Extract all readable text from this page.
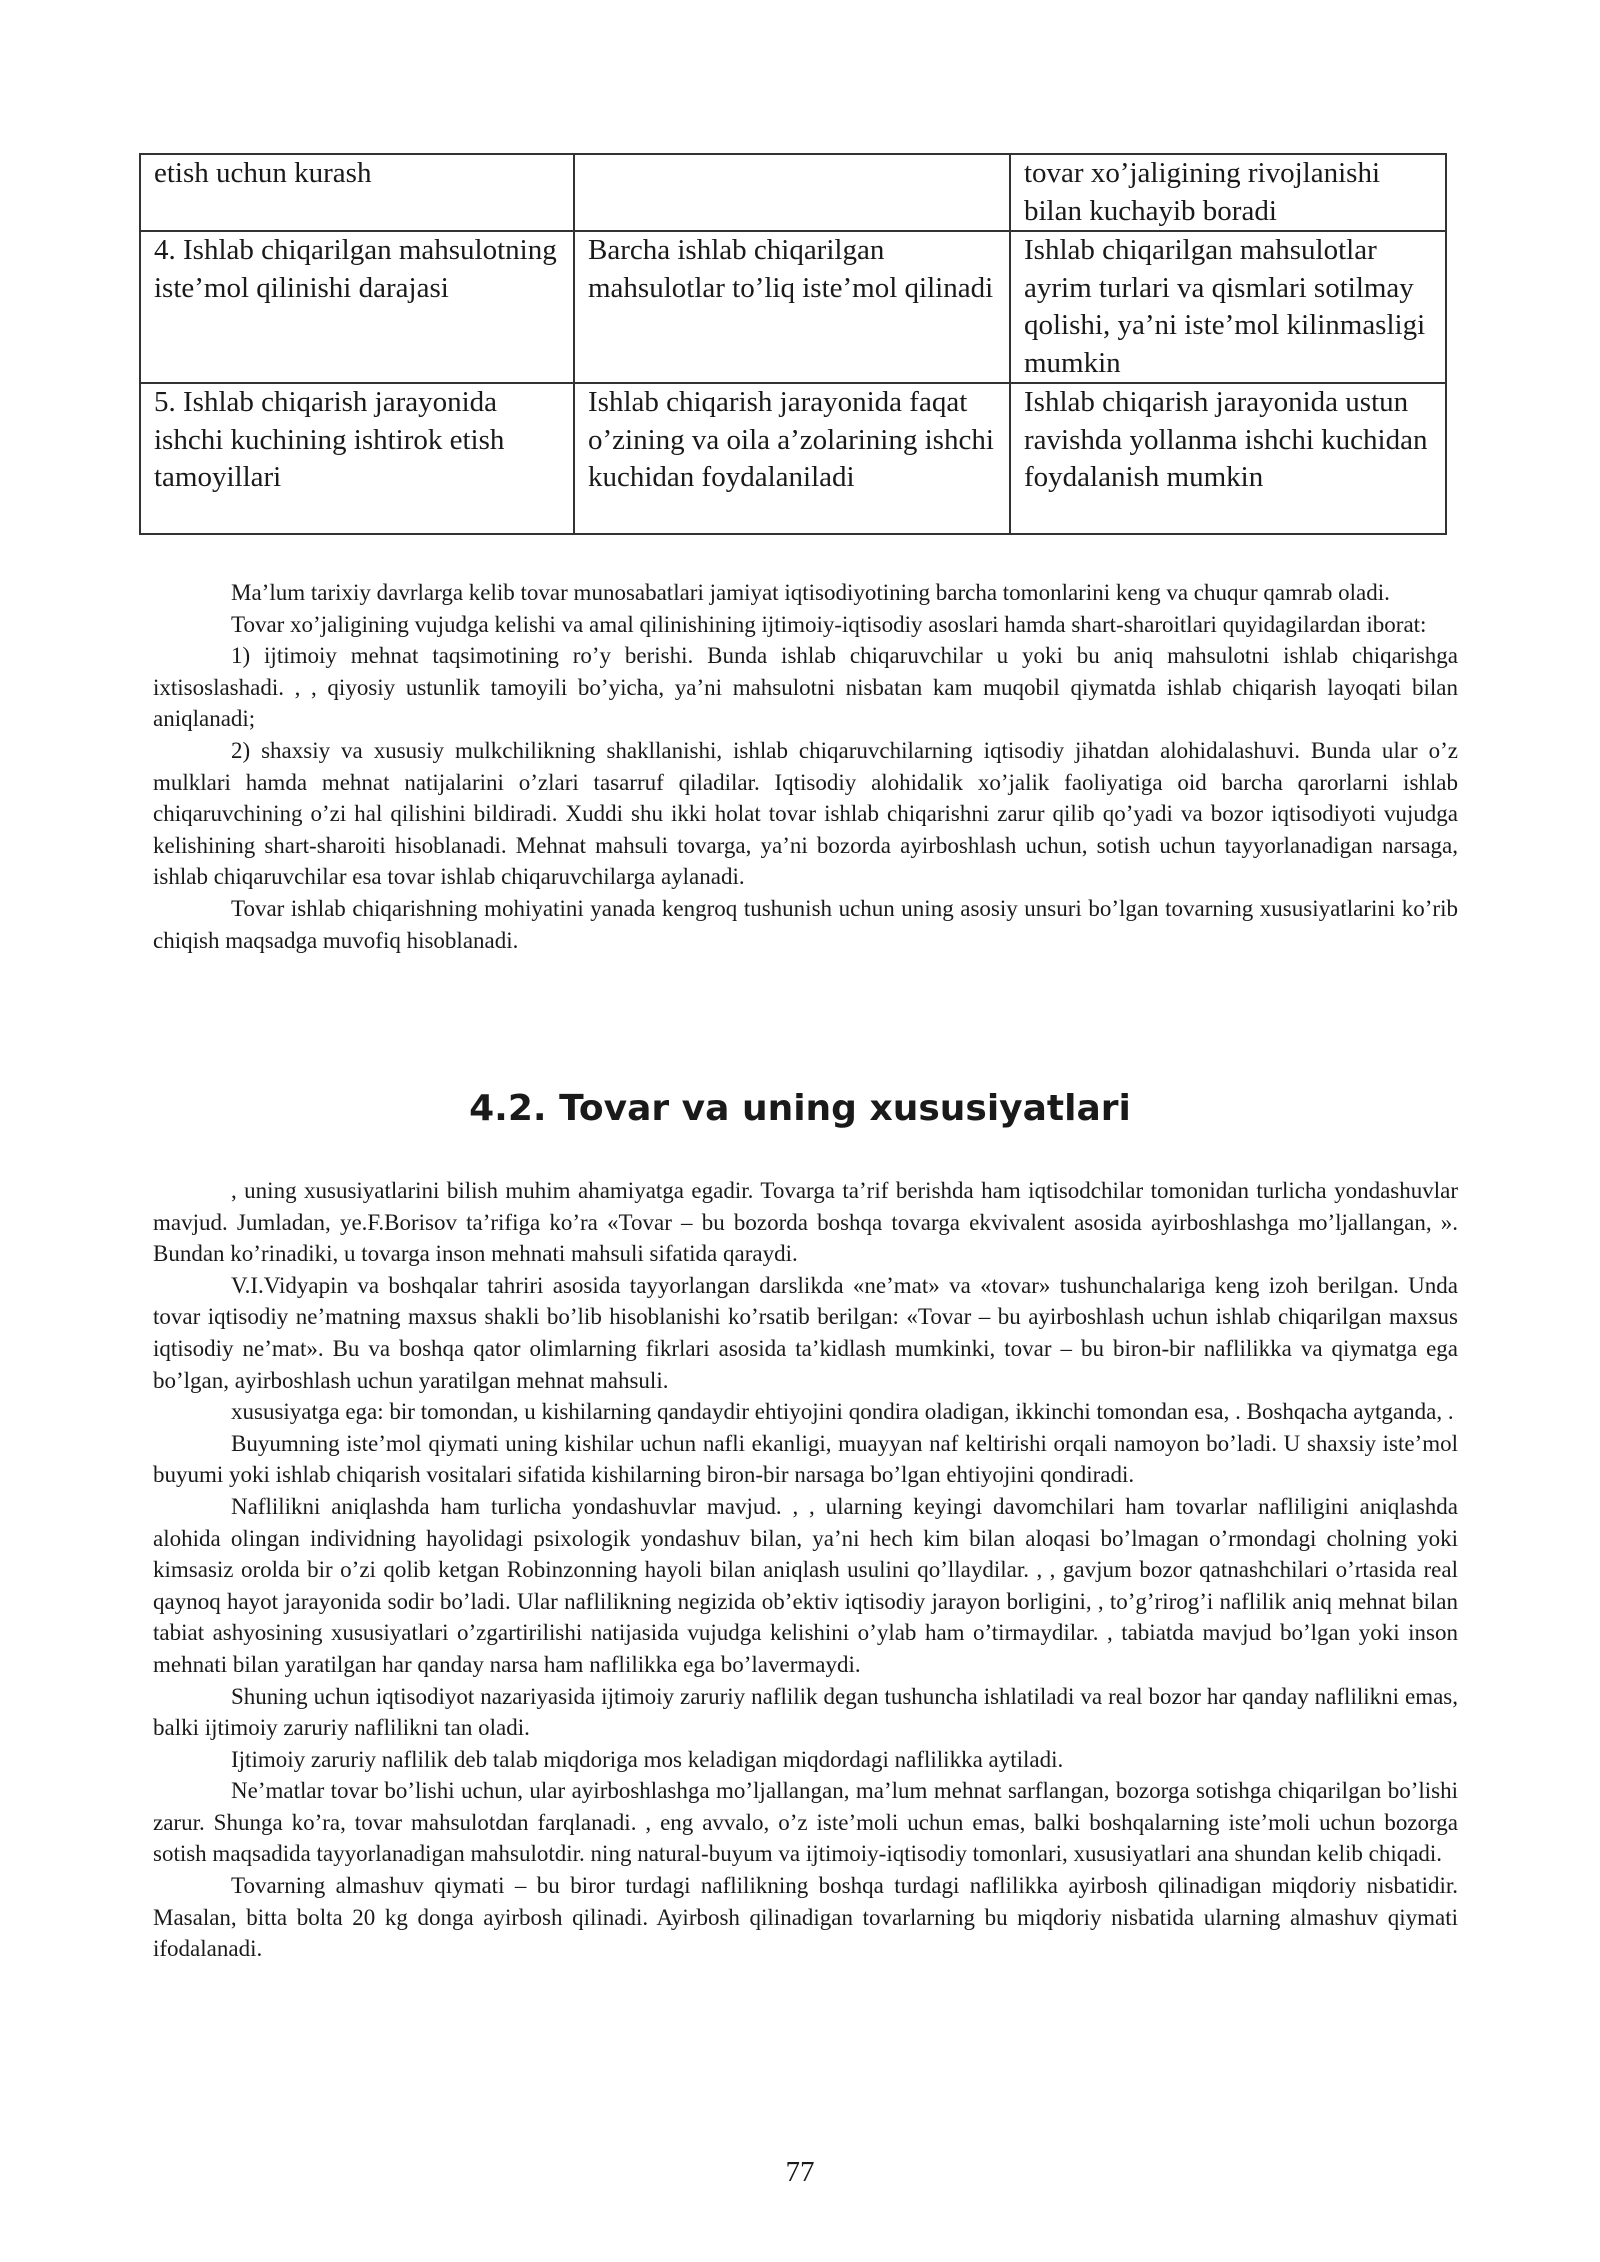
etish uchun kurash		tovar xo’jaligining rivojlanishi bilan kuchayib boradi
4. Ishlab chiqarilgan mahsulotning iste’mol qilinishi darajasi	Barcha ishlab chiqarilgan mahsulotlar to’liq iste’mol qilinadi	Ishlab chiqarilgan mahsulotlar ayrim turlari va qismlari sotilmay qolishi, ya’ni iste’mol kilinmasligi mumkin
5. Ishlab chiqarish jarayonida ishchi kuchining ishtirok etish tamoyillari	Ishlab chiqarish jarayonida faqat o’zining va oila a’zolarining ishchi kuchidan foydalaniladi	Ishlab chiqarish jarayonida ustun ravishda yollanma ishchi kuchidan foydalanish mumkin

Ma’lum tarixiy davrlarga kelib tovar munosabatlari jamiyat iqtisodiyotining barcha tomonlarini keng va chuqur qamrab oladi.

Tovar xo’jaligining vujudga kelishi va amal qilinishining ijtimoiy-iqtisodiy asoslari hamda shart-sharoitlari quyidagilardan iborat:

1) ijtimoiy mehnat taqsimotining ro’y berishi. Bunda ishlab chiqaruvchilar u yoki bu aniq mahsulotni ishlab chiqarishga ixtisoslashadi. , , qiyosiy ustunlik tamoyili bo’yicha, ya’ni mahsulotni nisbatan kam muqobil qiymatda ishlab chiqarish layoqati bilan aniqlanadi;

2) shaxsiy va xususiy mulkchilikning shakllanishi, ishlab chiqaruvchilarning iqtisodiy jihatdan alohidalashuvi. Bunda ular o’z mulklari hamda mehnat natijalarini o’zlari tasarruf qiladilar. Iqtisodiy alohidalik xo’jalik faoliyatiga oid barcha qarorlarni ishlab chiqaruvchining o’zi hal qilishini bildiradi. Xuddi shu ikki holat tovar ishlab chiqarishni zarur qilib qo’yadi va bozor iqtisodiyoti vujudga kelishining shart-sharoiti hisoblanadi. Mehnat mahsuli tovarga, ya’ni bozorda ayirboshlash uchun, sotish uchun tayyorlanadigan narsaga, ishlab chiqaruvchilar esa tovar ishlab chiqaruvchilarga aylanadi.

Tovar ishlab chiqarishning mohiyatini yanada kengroq tushunish uchun uning asosiy unsuri bo’lgan tovarning xususiyatlarini ko’rib chiqish maqsadga muvofiq hisoblanadi.

4.2. Tovar va uning xususiyatlari

, uning xususiyatlarini bilish muhim ahamiyatga egadir. Tovarga ta’rif berishda ham iqtisodchilar tomonidan turlicha yondashuvlar mavjud. Jumladan, ye.F.Borisov ta’rifiga ko’ra «Tovar – bu bozorda boshqa tovarga ekvivalent asosida ayirboshlashga mo’ljallangan, ». Bundan ko’rinadiki, u tovarga inson mehnati mahsuli sifatida qaraydi.

V.I.Vidyapin va boshqalar tahriri asosida tayyorlangan darslikda «ne’mat» va «tovar» tushunchalariga keng izoh berilgan. Unda tovar iqtisodiy ne’matning maxsus shakli bo’lib hisoblanishi ko’rsatib berilgan: «Tovar – bu ayirboshlash uchun ishlab chiqarilgan maxsus iqtisodiy ne’mat». Bu va boshqa qator olimlarning fikrlari asosida ta’kidlash mumkinki, tovar – bu biron-bir naflilikka va qiymatga ega bo’lgan, ayirboshlash uchun yaratilgan mehnat mahsuli.

xususiyatga ega: bir tomondan, u kishilarning qandaydir ehtiyojini qondira oladigan, ikkinchi tomondan esa, . Boshqacha aytganda, .

Buyumning iste’mol qiymati uning kishilar uchun nafli ekanligi, muayyan naf keltirishi orqali namoyon bo’ladi. U shaxsiy iste’mol buyumi yoki ishlab chiqarish vositalari sifatida kishilarning biron-bir narsaga bo’lgan ehtiyojini qondiradi.

Naflilikni aniqlashda ham turlicha yondashuvlar mavjud. , , ularning keyingi davomchilari ham tovarlar nafliligini aniqlashda alohida olingan individning hayolidagi psixologik yondashuv bilan, ya’ni hech kim bilan aloqasi bo’lmagan o’rmondagi cholning yoki kimsasiz orolda bir o’zi qolib ketgan Robinzonning hayoli bilan aniqlash usulini qo’llaydilar. , , gavjum bozor qatnashchilari o’rtasida real qaynoq hayot jarayonida sodir bo’ladi. Ular naflilikning negizida ob’ektiv iqtisodiy jarayon borligini, , to’g’rirog’i naflilik aniq mehnat bilan tabiat ashyosining xususiyatlari o’zgartirilishi natijasida vujudga kelishini o’ylab ham o’tirmaydilar. , tabiatda mavjud bo’lgan yoki inson mehnati bilan yaratilgan har qanday narsa ham naflilikka ega bo’lavermaydi.

Shuning uchun iqtisodiyot nazariyasida ijtimoiy zaruriy naflilik degan tushuncha ishlatiladi va real bozor har qanday naflilikni emas, balki ijtimoiy zaruriy naflilikni tan oladi.

Ijtimoiy zaruriy naflilik deb talab miqdoriga mos keladigan miqdordagi naflilikka aytiladi.

Ne’matlar tovar bo’lishi uchun, ular ayirboshlashga mo’ljallangan, ma’lum mehnat sarflangan, bozorga sotishga chiqarilgan bo’lishi zarur. Shunga ko’ra, tovar mahsulotdan farqlanadi. , eng avvalo, o’z iste’moli uchun emas, balki boshqalarning iste’moli uchun bozorga sotish maqsadida tayyorlanadigan mahsulotdir. ning natural-buyum va ijtimoiy-iqtisodiy tomonlari, xususiyatlari ana shundan kelib chiqadi.

Tovarning almashuv qiymati – bu biror turdagi naflilikning boshqa turdagi naflilikka ayirbosh qilinadigan miqdoriy nisbatidir. Masalan, bitta bolta 20 kg donga ayirbosh qilinadi. Ayirbosh qilinadigan tovarlarning bu miqdoriy nisbatida ularning almashuv qiymati ifodalanadi.

77
